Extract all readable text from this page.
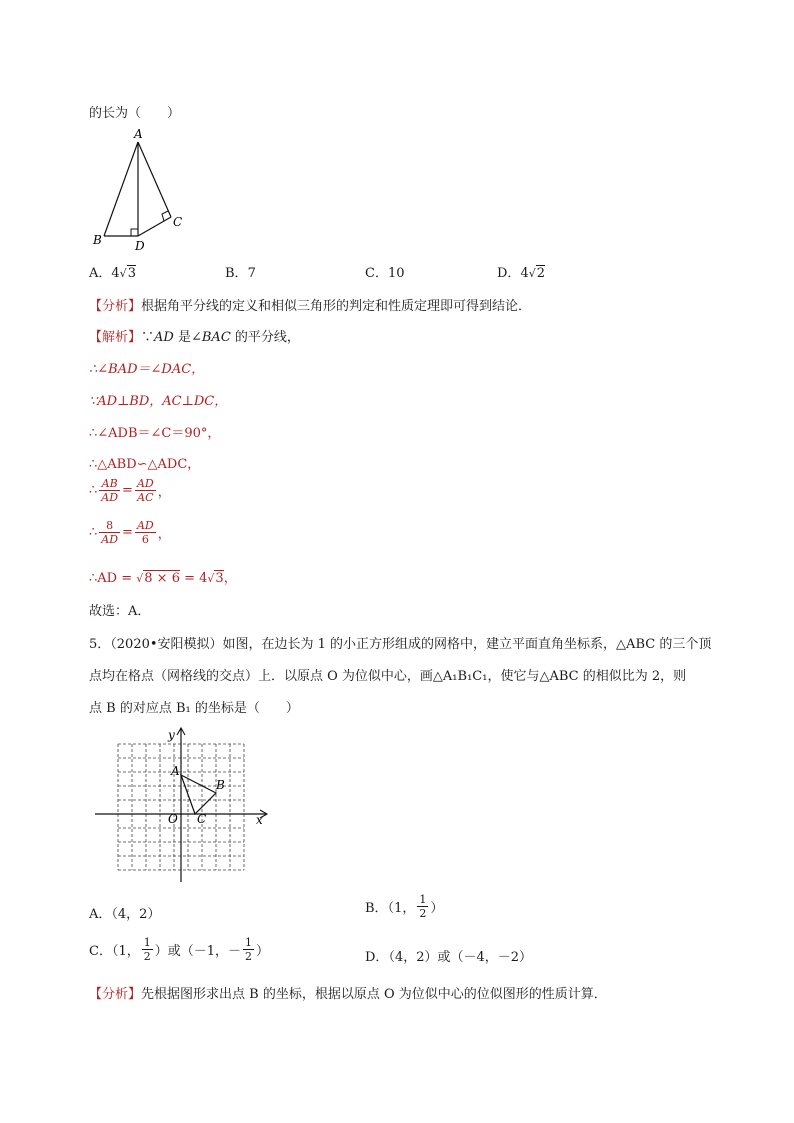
的长为（　　）
A
B
C
D
A．4√3	B．7	C．10	D．4√2
【分析】根据角平分线的定义和相似三角形的判定和性质定理即可得到结论．
【解析】∵AD 是∠BAC 的平分线，
∴∠BAD＝∠DAC，
∵AD⊥BD，AC⊥DC，
∴∠ADB＝∠C＝90°，
∴△ABD∽△ADC，
∴ $\frac{AB}{AD} = \frac{AD}{AC}$ ，
∴ $\frac{8}{AD} = \frac{AD}{6}$ ，
∴AD = √8 × 6 = 4√3，
故选：A．
5．（2020•安阳模拟）如图，在边长为 1 的小正方形组成的网格中，建立平面直角坐标系，△ABC 的三个顶
点均在格点（网格线的交点）上．以原点 O 为位似中心，画△A₁B₁C₁，使它与△ABC 的相似比为 2，则
点 B 的对应点 B₁ 的坐标是（　　）
y
x
O
A
B
C
A．（4，2）	B．（1， $\frac{1}{2}$ ）
C．（1， $\frac{1}{2}$ ）或（－1，－ $\frac{1}{2}$ ）	D．（4，2）或（－4，－2）
【分析】先根据图形求出点 B 的坐标，根据以原点 O 为位似中心的位似图形的性质计算．
